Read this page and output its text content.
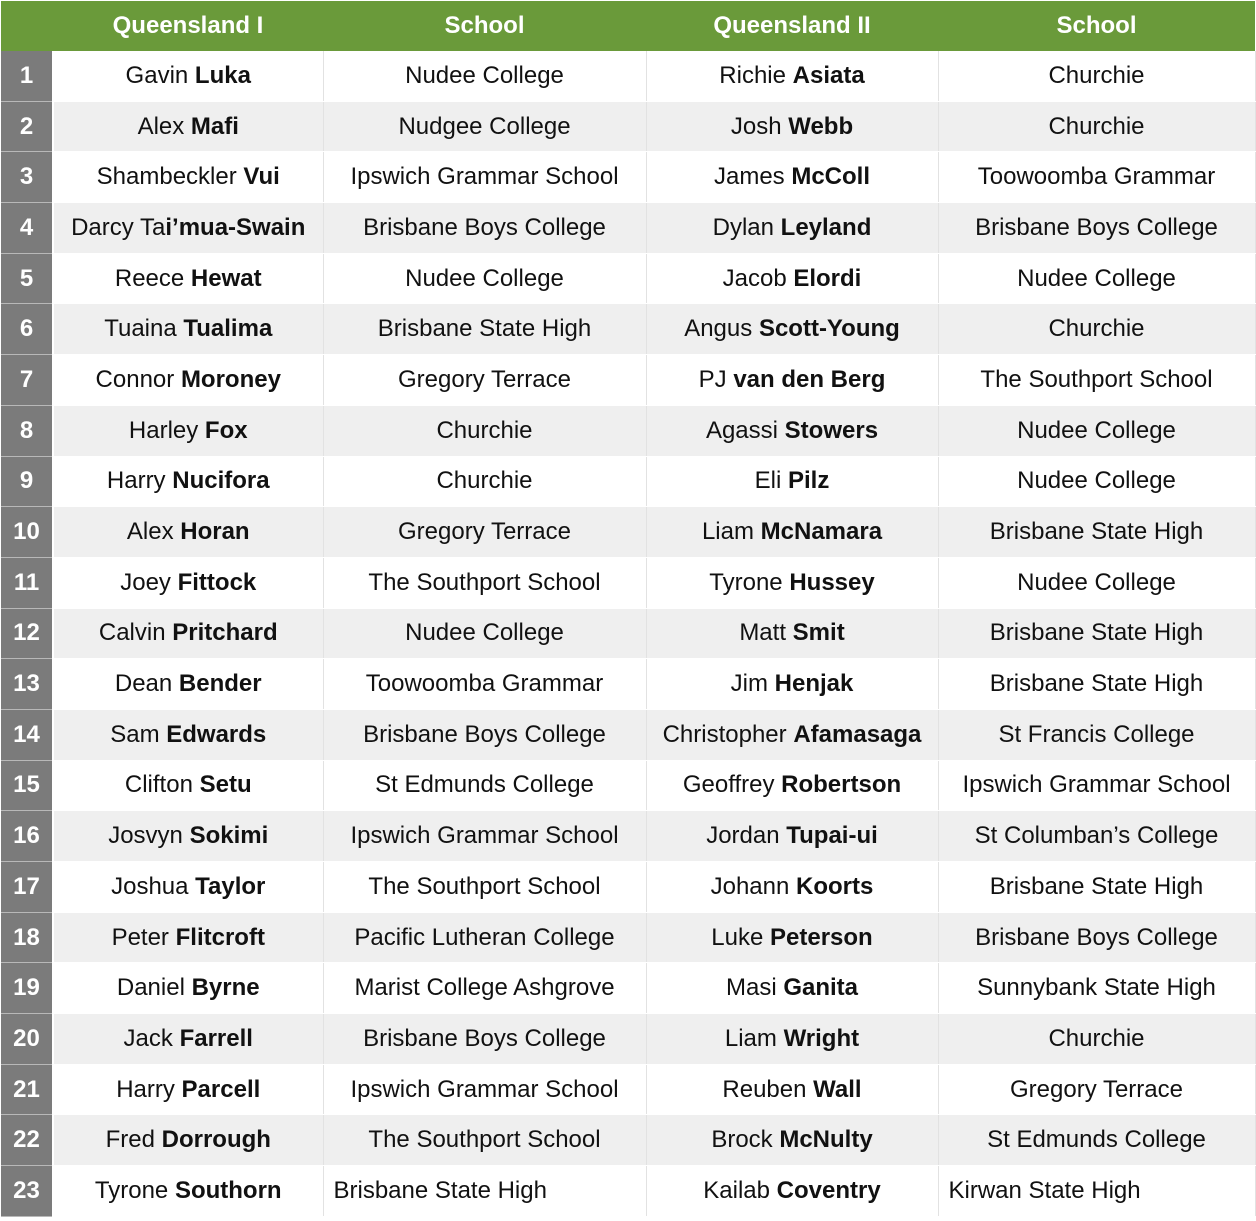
	Queensland I	School	Queensland II	School
1	Gavin Luka	Nudee College	Richie Asiata	Churchie
2	Alex Mafi	Nudgee College	Josh Webb	Churchie
3	Shambeckler Vui	Ipswich Grammar School	James McColl	Toowoomba Grammar
4	Darcy Tai’mua-Swain	Brisbane Boys College	Dylan Leyland	Brisbane Boys College
5	Reece Hewat	Nudee College	Jacob Elordi	Nudee College
6	Tuaina Tualima	Brisbane State High	Angus Scott-Young	Churchie
7	Connor Moroney	Gregory Terrace	PJ van den Berg	The Southport School
8	Harley Fox	Churchie	Agassi Stowers	Nudee College
9	Harry Nucifora	Churchie	Eli Pilz	Nudee College
10	Alex Horan	Gregory Terrace	Liam McNamara	Brisbane State High
11	Joey Fittock	The Southport School	Tyrone Hussey	Nudee College
12	Calvin Pritchard	Nudee College	Matt Smit	Brisbane State High
13	Dean Bender	Toowoomba Grammar	Jim Henjak	Brisbane State High
14	Sam Edwards	Brisbane Boys College	Christopher Afamasaga	St Francis College
15	Clifton Setu	St Edmunds College	Geoffrey Robertson	Ipswich Grammar School
16	Josvyn Sokimi	Ipswich Grammar School	Jordan Tupai-ui	St Columban’s College
17	Joshua Taylor	The Southport School	Johann Koorts	Brisbane State High
18	Peter Flitcroft	Pacific Lutheran College	Luke Peterson	Brisbane Boys College
19	Daniel Byrne	Marist College Ashgrove	Masi Ganita	Sunnybank State High
20	Jack Farrell	Brisbane Boys College	Liam Wright	Churchie
21	Harry Parcell	Ipswich Grammar School	Reuben Wall	Gregory Terrace
22	Fred Dorrough	The Southport School	Brock McNulty	St Edmunds College
23	Tyrone Southorn	Brisbane State High	Kailab Coventry	Kirwan State High
